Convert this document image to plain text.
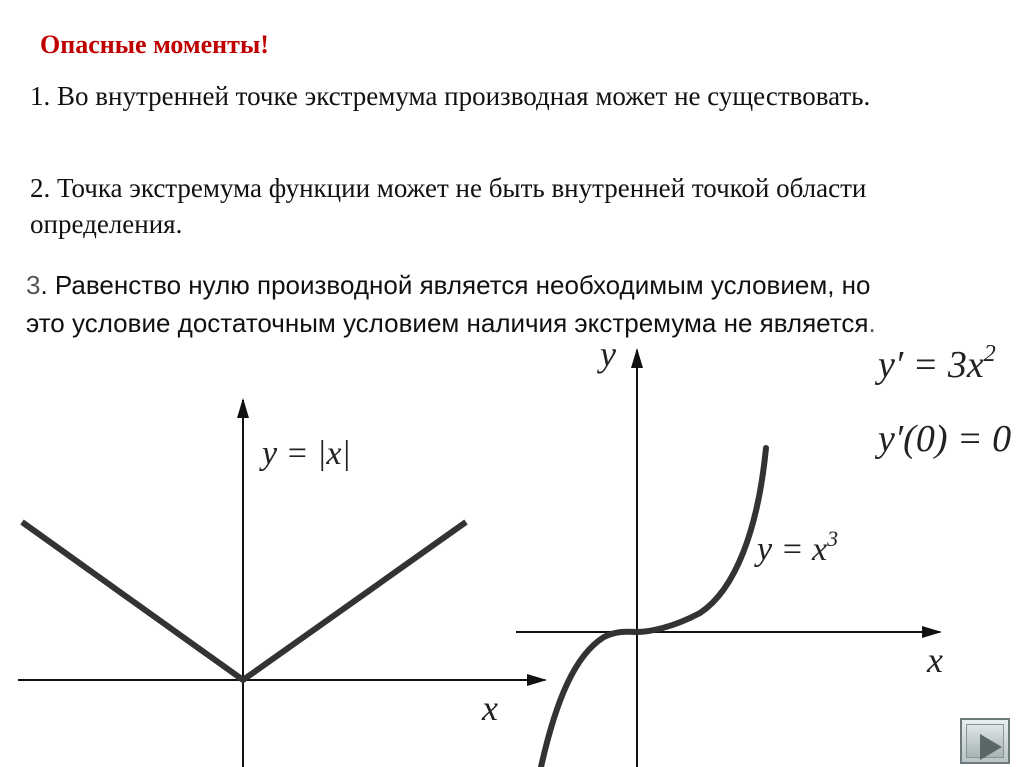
Опасные моменты!
1. Во внутренней точке экстремума производная может не существовать.
2. Точка экстремума функции может не быть внутренней точкой области определения.
3. Равенство нулю производной является необходимым условием, но это условие достаточным условием наличия экстремума не является.
y = |x|
x
y
x
$y = x^3$
$y' = 3x^2$
y′(0) = 0
